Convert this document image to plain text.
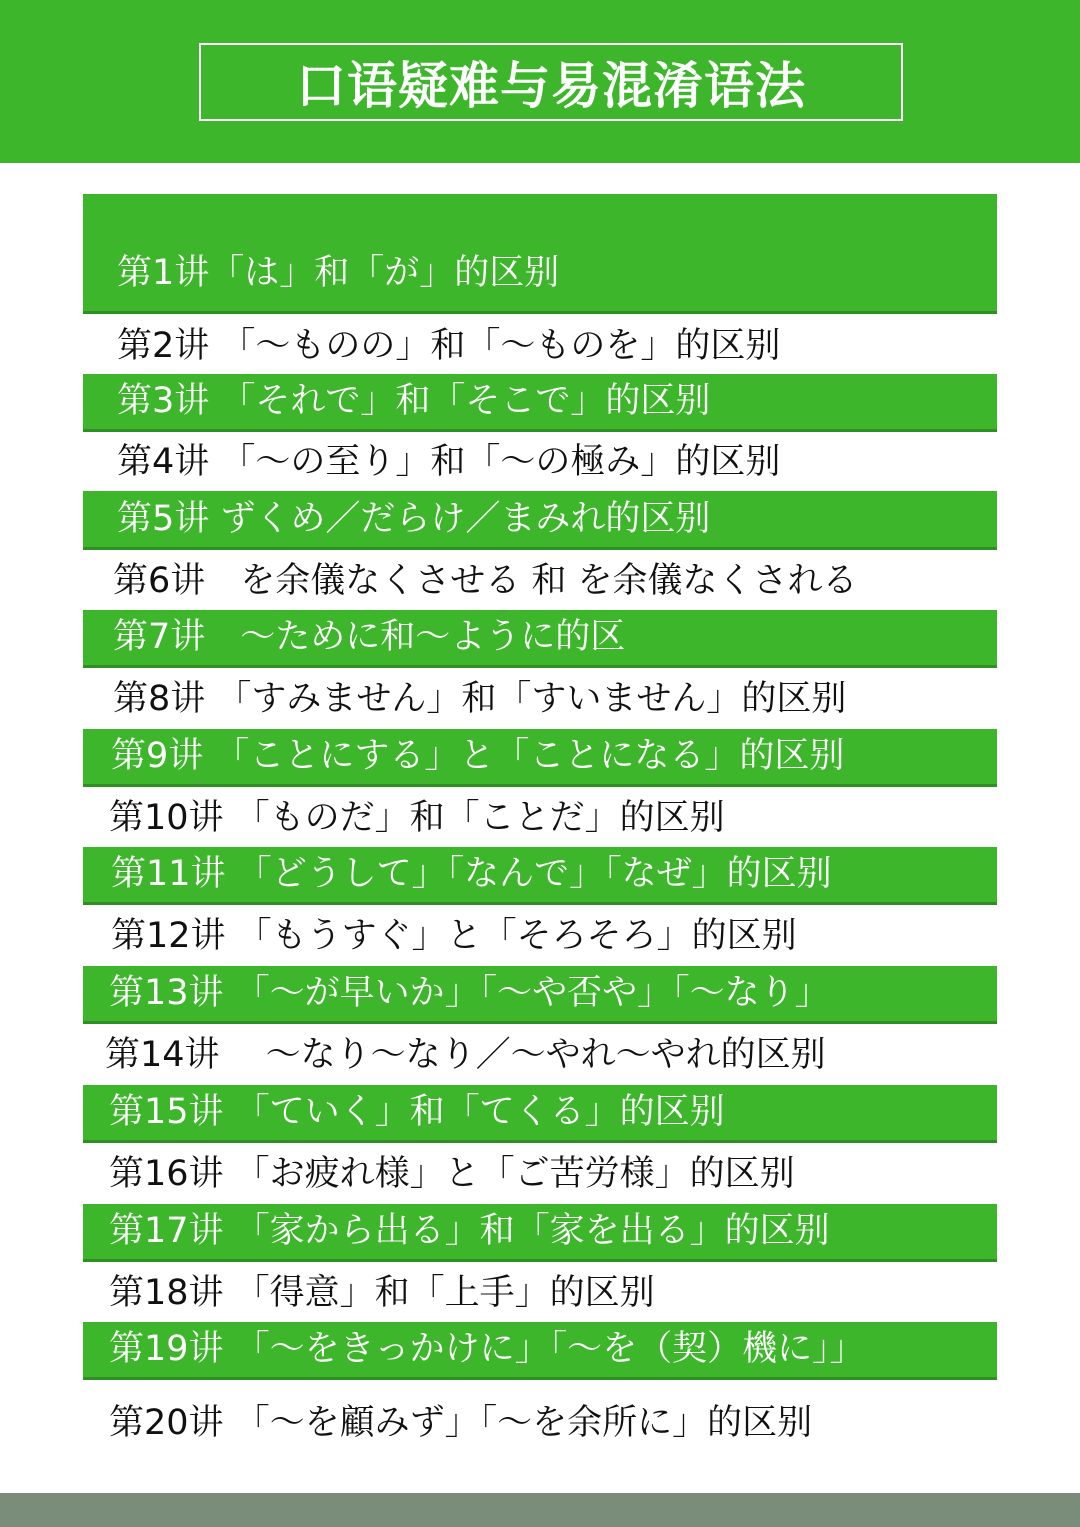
口语疑难与易混淆语法
第1讲「は」和「が」的区别
第2讲 「～ものの」和「～ものを」的区别
第3讲 「それで」和「そこで」的区别
第4讲 「～の至り」和「～の極み」的区别
第5讲 ずくめ／だらけ／まみれ的区别
第6讲　を余儀なくさせる 和 を余儀なくされる
第7讲　～ために和～ように的区
第8讲 「すみません」和「すいません」的区别
第9讲 「ことにする」と「ことになる」的区别
第10讲 「ものだ」和「ことだ」的区别
第11讲 「どうして」「なんで」「なぜ」的区别
第12讲 「もうすぐ」と「そろそろ」的区别
第13讲 「～が早いか」「～や否や」「～なり」
第14讲　 ～なり～なり／～やれ～やれ的区别
第15讲 「ていく」和「てくる」的区别
第16讲 「お疲れ様」と「ご苦労様」的区别
第17讲 「家から出る」和「家を出る」的区别
第18讲 「得意」和「上手」的区别
第19讲 「～をきっかけに」「～を（契）機に」」
第20讲 「～を顧みず」「～を余所に」的区别
